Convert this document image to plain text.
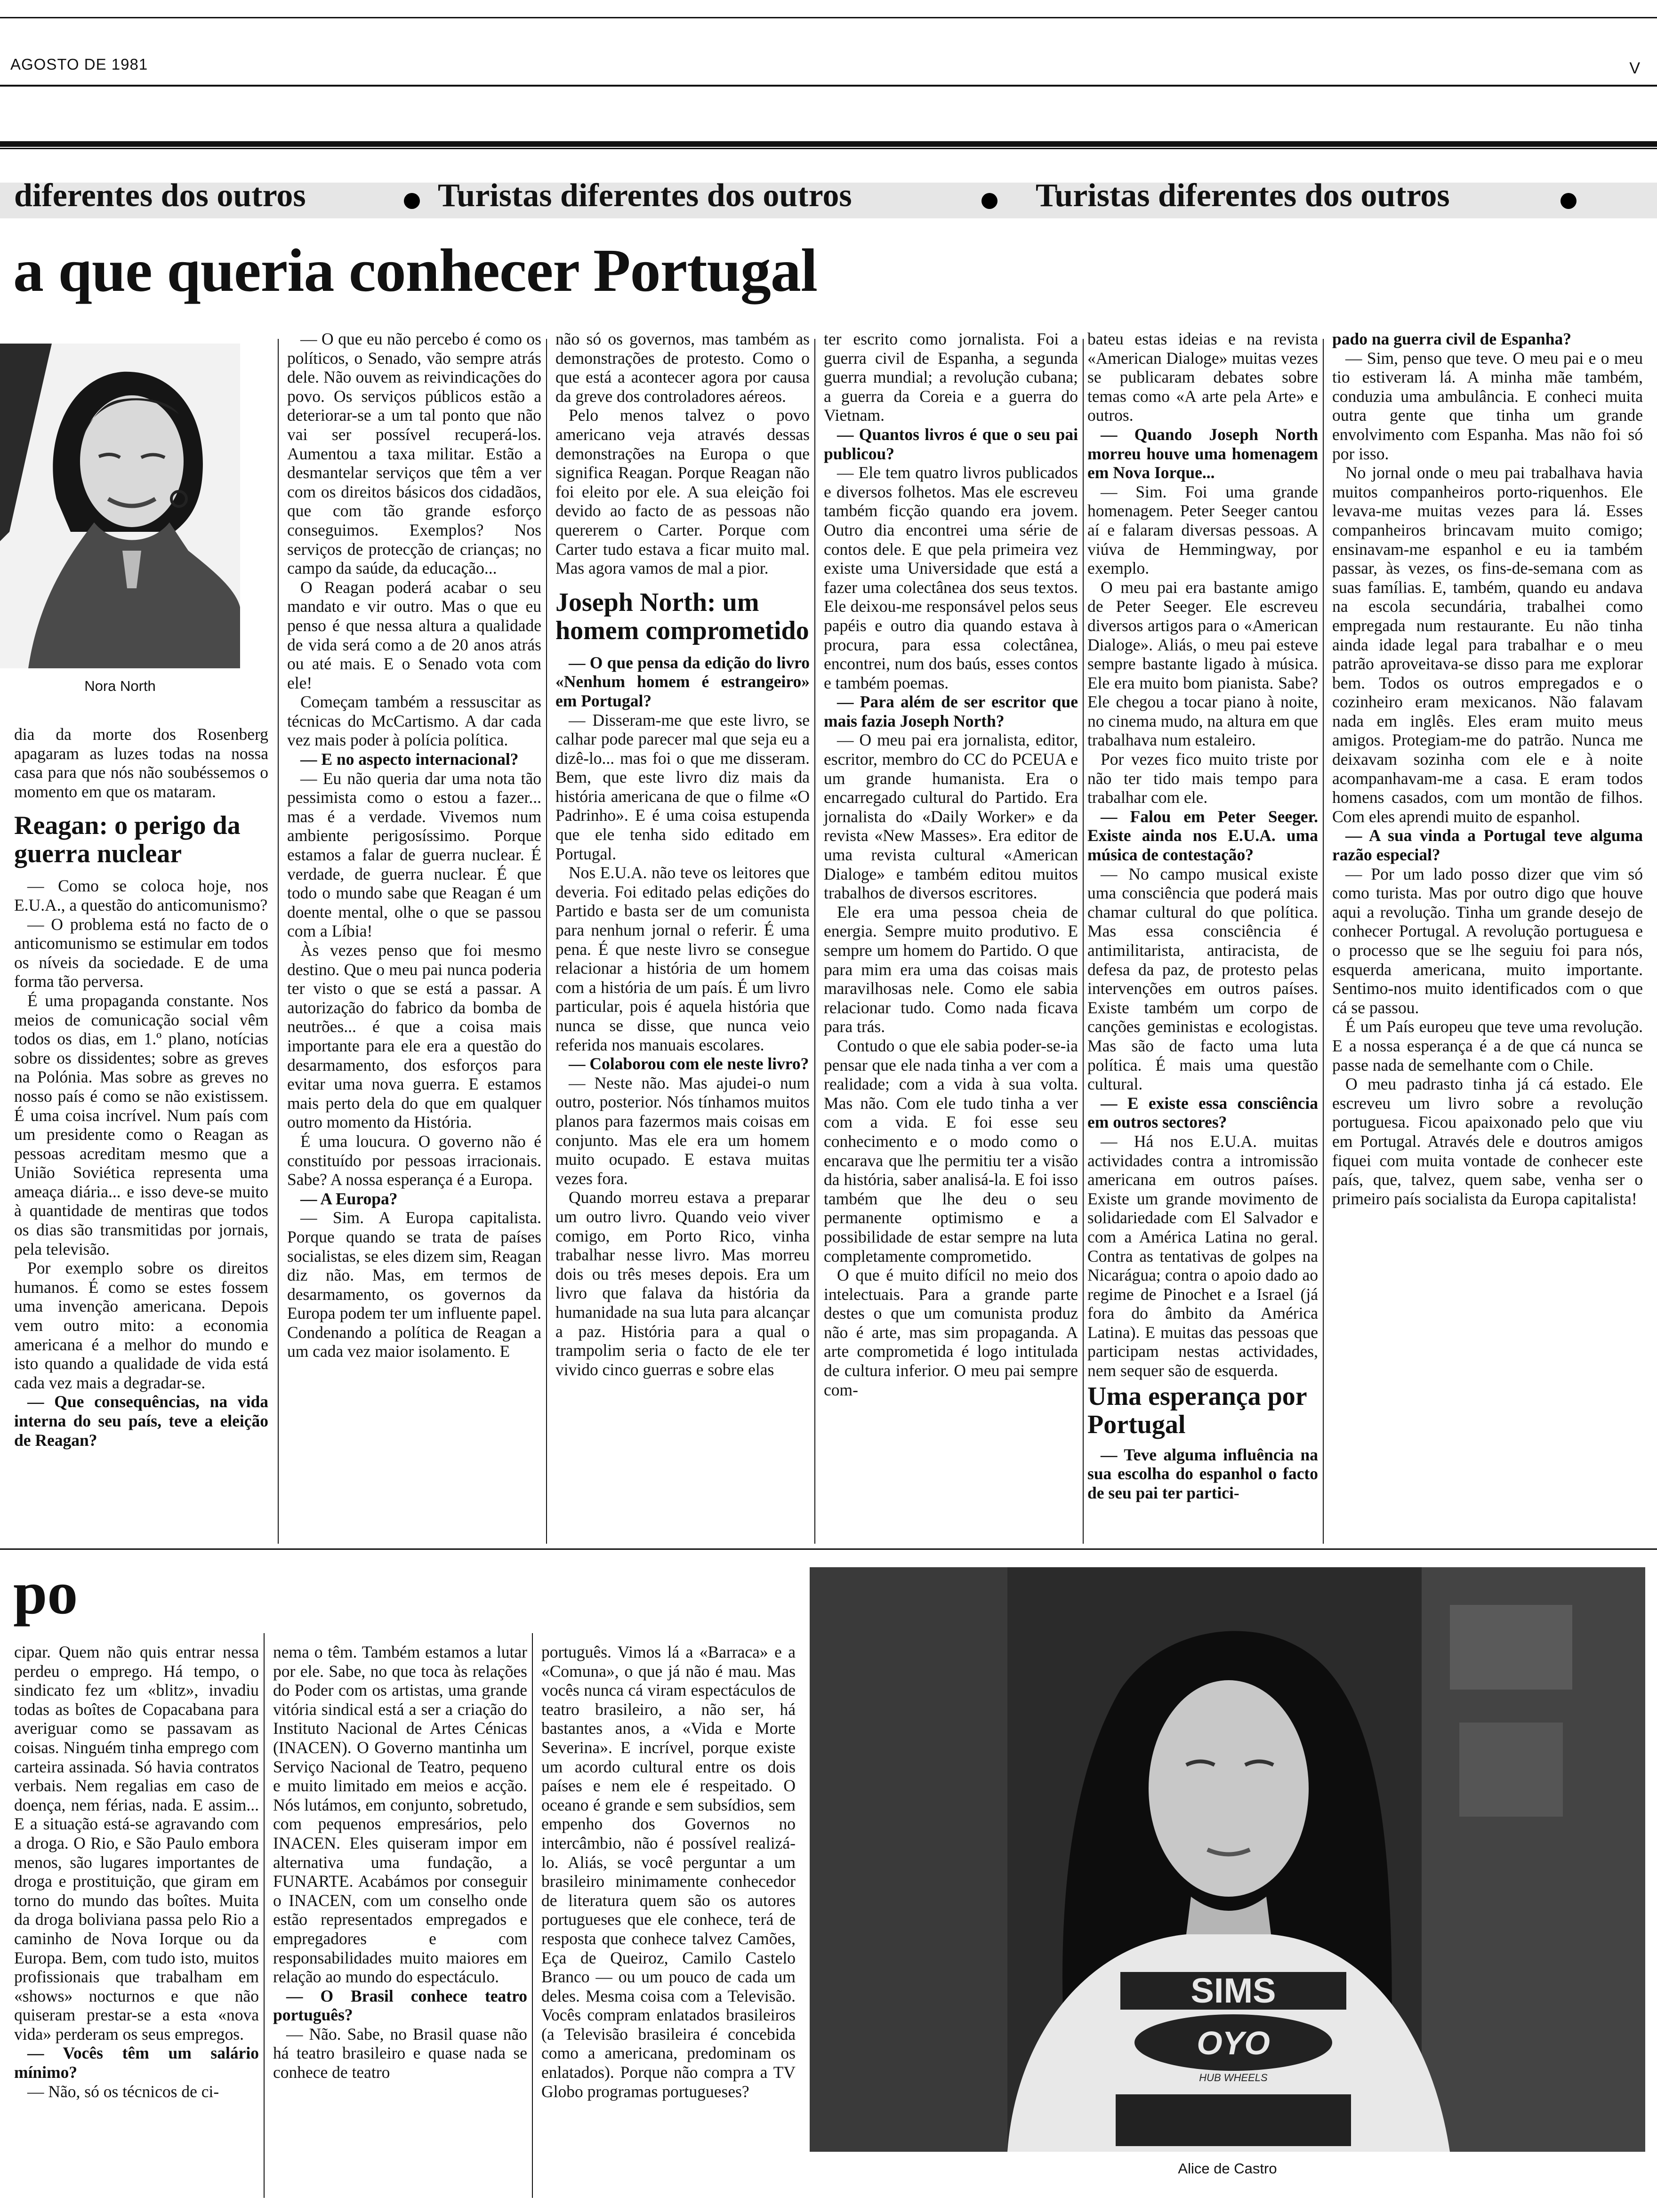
AGOSTO DE 1981	V
diferentes dos outros	Turistas diferentes dos outros	Turistas diferentes dos outros
a que queria conhecer Portugal
Nora North

dia da morte dos Rosenberg apagaram as luzes todas na nossa casa para que nós não soubéssemos o momento em que os mataram.

Reagan: o perigo da guerra nuclear

— Como se coloca hoje, nos E.U.A., a questão do anticomunismo?

— O problema está no facto de o anticomunismo se estimular em todos os níveis da sociedade. E de uma forma tão perversa.

É uma propaganda constante. Nos meios de comunicação social vêm todos os dias, em 1.º plano, notícias sobre os dissidentes; sobre as greves na Polónia. Mas sobre as greves no nosso país é como se não existissem. É uma coisa incrível. Num país com um presidente como o Reagan as pessoas acreditam mesmo que a União Soviética representa uma ameaça diária... e isso deve-se muito à quantidade de mentiras que todos os dias são transmitidas por jornais, pela televisão.

Por exemplo sobre os direitos humanos. É como se estes fossem uma invenção americana. Depois vem outro mito: a economia americana é a melhor do mundo e isto quando a qualidade de vida está cada vez mais a degradar-se.

— Que consequências, na vida interna do seu país, teve a eleição de Reagan?

— O que eu não percebo é como os políticos, o Senado, vão sempre atrás dele. Não ouvem as reivindicações do povo. Os serviços públicos estão a deteriorar-se a um tal ponto que não vai ser possível recuperá-los. Aumentou a taxa militar. Estão a desmantelar serviços que têm a ver com os direitos básicos dos cidadãos, que com tão grande esforço conseguimos. Exemplos? Nos serviços de protecção de crianças; no campo da saúde, da educação...

O Reagan poderá acabar o seu mandato e vir outro. Mas o que eu penso é que nessa altura a qualidade de vida será como a de 20 anos atrás ou até mais. E o Senado vota com ele!

Começam também a ressuscitar as técnicas do McCartismo. A dar cada vez mais poder à polícia política.

— E no aspecto internacional?

— Eu não queria dar uma nota tão pessimista como o estou a fazer... mas é a verdade. Vivemos num ambiente perigosíssimo. Porque estamos a falar de guerra nuclear. É verdade, de guerra nuclear. É que todo o mundo sabe que Reagan é um doente mental, olhe o que se passou com a Líbia!

Às vezes penso que foi mesmo destino. Que o meu pai nunca poderia ter visto o que se está a passar. A autorização do fabrico da bomba de neutrões... é que a coisa mais importante para ele era a questão do desarmamento, dos esforços para evitar uma nova guerra. E estamos mais perto dela do que em qualquer outro momento da História.

É uma loucura. O governo não é constituído por pessoas irracionais. Sabe? A nossa esperança é a Europa.

— A Europa?

— Sim. A Europa capitalista. Porque quando se trata de países socialistas, se eles dizem sim, Reagan diz não. Mas, em termos de desarmamento, os governos da Europa podem ter um influente papel. Condenando a política de Reagan a um cada vez maior isolamento. E

não só os governos, mas também as demonstrações de protesto. Como o que está a acontecer agora por causa da greve dos controladores aéreos.

Pelo menos talvez o povo americano veja através dessas demonstrações na Europa o que significa Reagan. Porque Reagan não foi eleito por ele. A sua eleição foi devido ao facto de as pessoas não quererem o Carter. Porque com Carter tudo estava a ficar muito mal. Mas agora vamos de mal a pior.

Joseph North: um homem comprometido

— O que pensa da edição do livro «Nenhum homem é estrangeiro» em Portugal?

— Disseram-me que este livro, se calhar pode parecer mal que seja eu a dizê-lo... mas foi o que me disseram. Bem, que este livro diz mais da história americana de que o filme «O Padrinho». E é uma coisa estupenda que ele tenha sido editado em Portugal.

Nos E.U.A. não teve os leitores que deveria. Foi editado pelas edições do Partido e basta ser de um comunista para nenhum jornal o referir. É uma pena. É que neste livro se consegue relacionar a história de um homem com a história de um país. É um livro particular, pois é aquela história que nunca se disse, que nunca veio referida nos manuais escolares.

— Colaborou com ele neste livro?

— Neste não. Mas ajudei-o num outro, posterior. Nós tínhamos muitos planos para fazermos mais coisas em conjunto. Mas ele era um homem muito ocupado. E estava muitas vezes fora.

Quando morreu estava a preparar um outro livro. Quando veio viver comigo, em Porto Rico, vinha trabalhar nesse livro. Mas morreu dois ou três meses depois. Era um livro que falava da história da humanidade na sua luta para alcançar a paz. História para a qual o trampolim seria o facto de ele ter vivido cinco guerras e sobre elas

ter escrito como jornalista. Foi a guerra civil de Espanha, a segunda guerra mundial; a revolução cubana; a guerra da Coreia e a guerra do Vietnam.

— Quantos livros é que o seu pai publicou?

— Ele tem quatro livros publicados e diversos folhetos. Mas ele escreveu também ficção quando era jovem. Outro dia encontrei uma série de contos dele. E que pela primeira vez existe uma Universidade que está a fazer uma colectânea dos seus textos. Ele deixou-me responsável pelos seus papéis e outro dia quando estava à procura, para essa colectânea, encontrei, num dos baús, esses contos e também poemas.

— Para além de ser escritor que mais fazia Joseph North?

— O meu pai era jornalista, editor, escritor, membro do CC do PCEUA e um grande humanista. Era o encarregado cultural do Partido. Era jornalista do «Daily Worker» e da revista «New Masses». Era editor de uma revista cultural «American Dialoge» e também editou muitos trabalhos de diversos escritores.

Ele era uma pessoa cheia de energia. Sempre muito produtivo. E sempre um homem do Partido. O que para mim era uma das coisas mais maravilhosas nele. Como ele sabia relacionar tudo. Como nada ficava para trás.

Contudo o que ele sabia poder-se-ia pensar que ele nada tinha a ver com a realidade; com a vida à sua volta. Mas não. Com ele tudo tinha a ver com a vida. E foi esse seu conhecimento e o modo como o encarava que lhe permitiu ter a visão da história, saber analisá-la. E foi isso também que lhe deu o seu permanente optimismo e a possibilidade de estar sempre na luta completamente comprometido.

O que é muito difícil no meio dos intelectuais. Para a grande parte destes o que um comunista produz não é arte, mas sim propaganda. A arte comprometida é logo intitulada de cultura inferior. O meu pai sempre com-

bateu estas ideias e na revista «American Dialoge» muitas vezes se publicaram debates sobre temas como «A arte pela Arte» e outros.

— Quando Joseph North morreu houve uma homenagem em Nova Iorque...

— Sim. Foi uma grande homenagem. Peter Seeger cantou aí e falaram diversas pessoas. A viúva de Hemmingway, por exemplo.

O meu pai era bastante amigo de Peter Seeger. Ele escreveu diversos artigos para o «American Dialoge». Aliás, o meu pai esteve sempre bastante ligado à música. Ele era muito bom pianista. Sabe? Ele chegou a tocar piano à noite, no cinema mudo, na altura em que trabalhava num estaleiro.

Por vezes fico muito triste por não ter tido mais tempo para trabalhar com ele.

— Falou em Peter Seeger. Existe ainda nos E.U.A. uma música de contestação?

— No campo musical existe uma consciência que poderá mais chamar cultural do que política. Mas essa consciência é antimilitarista, antiracista, de defesa da paz, de protesto pelas intervenções em outros países. Existe também um corpo de canções geministas e ecologistas. Mas são de facto uma luta política. É mais uma questão cultural.

— E existe essa consciência em outros sectores?

— Há nos E.U.A. muitas actividades contra a intromissão americana em outros países. Existe um grande movimento de solidariedade com El Salvador e com a América Latina no geral. Contra as tentativas de golpes na Nicarágua; contra o apoio dado ao regime de Pinochet e a Israel (já fora do âmbito da América Latina). E muitas das pessoas que participam nestas actividades, nem sequer são de esquerda.

Uma esperança por Portugal

— Teve alguma influência na sua escolha do espanhol o facto de seu pai ter partici-

pado na guerra civil de Espanha?

— Sim, penso que teve. O meu pai e o meu tio estiveram lá. A minha mãe também, conduzia uma ambulância. E conheci muita outra gente que tinha um grande envolvimento com Espanha. Mas não foi só por isso.

No jornal onde o meu pai trabalhava havia muitos companheiros porto-riquenhos. Ele levava-me muitas vezes para lá. Esses companheiros brincavam muito comigo; ensinavam-me espanhol e eu ia também passar, às vezes, os fins-de-semana com as suas famílias. E, também, quando eu andava na escola secundária, trabalhei como empregada num restaurante. Eu não tinha ainda idade legal para trabalhar e o meu patrão aproveitava-se disso para me explorar bem. Todos os outros empregados e o cozinheiro eram mexicanos. Não falavam nada em inglês. Eles eram muito meus amigos. Protegiam-me do patrão. Nunca me deixavam sozinha com ele e à noite acompanhavam-me a casa. E eram todos homens casados, com um montão de filhos. Com eles aprendi muito de espanhol.

— A sua vinda a Portugal teve alguma razão especial?

— Por um lado posso dizer que vim só como turista. Mas por outro digo que houve aqui a revolução. Tinha um grande desejo de conhecer Portugal. A revolução portuguesa e o processo que se lhe seguiu foi para nós, esquerda americana, muito importante. Sentimo-nos muito identificados com o que cá se passou.

É um País europeu que teve uma revolução. E a nossa esperança é a de que cá nunca se passe nada de semelhante com o Chile.

O meu padrasto tinha já cá estado. Ele escreveu um livro sobre a revolução portuguesa. Ficou apaixonado pelo que viu em Portugal. Através dele e doutros amigos fiquei com muita vontade de conhecer este país, que, talvez, quem sabe, venha ser o primeiro país socialista da Europa capitalista!

po

cipar. Quem não quis entrar nessa perdeu o emprego. Há tempo, o sindicato fez um «blitz», invadiu todas as boîtes de Copacabana para averiguar como se passavam as coisas. Ninguém tinha emprego com carteira assinada. Só havia contratos verbais. Nem regalias em caso de doença, nem férias, nada. E assim... E a situação está-se agravando com a droga. O Rio, e São Paulo embora menos, são lugares importantes de droga e prostituição, que giram em torno do mundo das boîtes. Muita da droga boliviana passa pelo Rio a caminho de Nova Iorque ou da Europa. Bem, com tudo isto, muitos profissionais que trabalham em «shows» nocturnos e que não quiseram prestar-se a esta «nova vida» perderam os seus empregos.

— Vocês têm um salário mínimo?

— Não, só os técnicos de ci-

nema o têm. Também estamos a lutar por ele. Sabe, no que toca às relações do Poder com os artistas, uma grande vitória sindical está a ser a criação do Instituto Nacional de Artes Cénicas (INACEN). O Governo mantinha um Serviço Nacional de Teatro, pequeno e muito limitado em meios e acção. Nós lutámos, em conjunto, sobretudo, com pequenos empresários, pelo INACEN. Eles quiseram impor em alternativa uma fundação, a FUNARTE. Acabámos por conseguir o INACEN, com um conselho onde estão representados empregados e empregadores e com responsabilidades muito maiores em relação ao mundo do espectáculo.

— O Brasil conhece teatro português?

— Não. Sabe, no Brasil quase não há teatro brasileiro e quase nada se conhece de teatro

português. Vimos lá a «Barraca» e a «Comuna», o que já não é mau. Mas vocês nunca cá viram espectáculos de teatro brasileiro, a não ser, há bastantes anos, a «Vida e Morte Severina». E incrível, porque existe um acordo cultural entre os dois países e nem ele é respeitado. O oceano é grande e sem subsídios, sem empenho dos Governos no intercâmbio, não é possível realizá-lo. Aliás, se você perguntar a um brasileiro minimamente conhecedor de literatura quem são os autores portugueses que ele conhece, terá de resposta que conhece talvez Camões, Eça de Queiroz, Camilo Castelo Branco — ou um pouco de cada um deles. Mesma coisa com a Televisão. Vocês compram enlatados brasileiros (a Televisão brasileira é concebida como a americana, predominam os enlatados). Porque não compra a TV Globo programas portugueses?

SIMS
OYO
HUB WHEELS
Alice de Castro
